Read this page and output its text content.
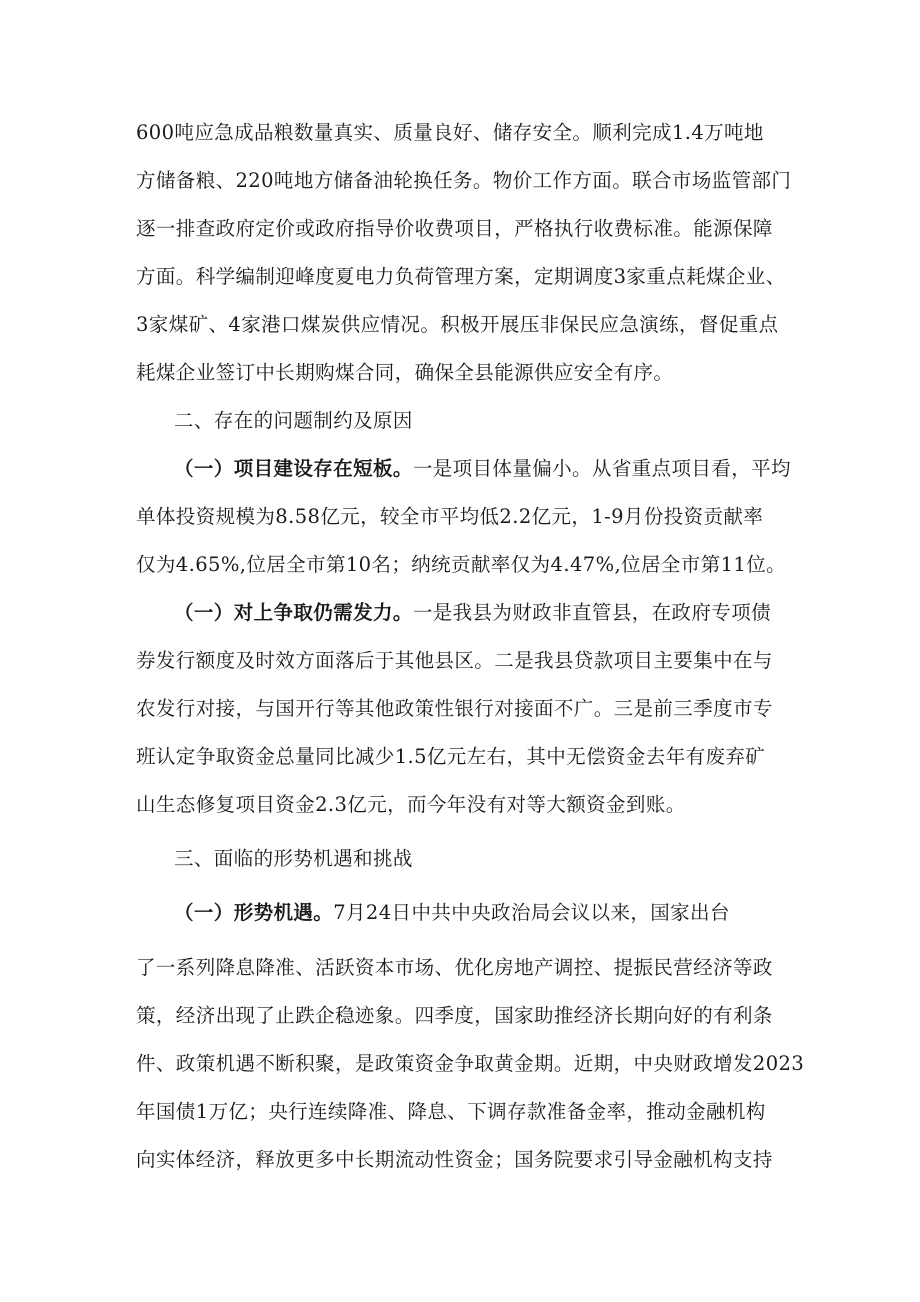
600吨应急成品粮数量真实、质量良好、储存安全。顺利完成1.4万吨地
方储备粮、220吨地方储备油轮换任务。物价工作方面。联合市场监管部门
逐一排查政府定价或政府指导价收费项目，严格执行收费标准。能源保障
方面。科学编制迎峰度夏电力负荷管理方案，定期调度3家重点耗煤企业、
3家煤矿、4家港口煤炭供应情况。积极开展压非保民应急演练，督促重点
耗煤企业签订中长期购煤合同，确保全县能源供应安全有序。
二、存在的问题制约及原因
（一）项目建设存在短板。一是项目体量偏小。从省重点项目看，平均
单体投资规模为8.58亿元，较全市平均低2.2亿元，1-9月份投资贡献率
仅为4.65%,位居全市第10名；纳统贡献率仅为4.47%,位居全市第11位。
（一）对上争取仍需发力。一是我县为财政非直管县，在政府专项债
券发行额度及时效方面落后于其他县区。二是我县贷款项目主要集中在与
农发行对接，与国开行等其他政策性银行对接面不广。三是前三季度市专
班认定争取资金总量同比减少1.5亿元左右，其中无偿资金去年有废弃矿
山生态修复项目资金2.3亿元，而今年没有对等大额资金到账。
三、面临的形势机遇和挑战
（一）形势机遇。7月24日中共中央政治局会议以来，国家出台
了一系列降息降准、活跃资本市场、优化房地产调控、提振民营经济等政
策，经济出现了止跌企稳迹象。四季度，国家助推经济长期向好的有利条
件、政策机遇不断积聚，是政策资金争取黄金期。近期，中央财政增发2023
年国债1万亿；央行连续降准、降息、下调存款准备金率，推动金融机构
向实体经济，释放更多中长期流动性资金；国务院要求引导金融机构支持
